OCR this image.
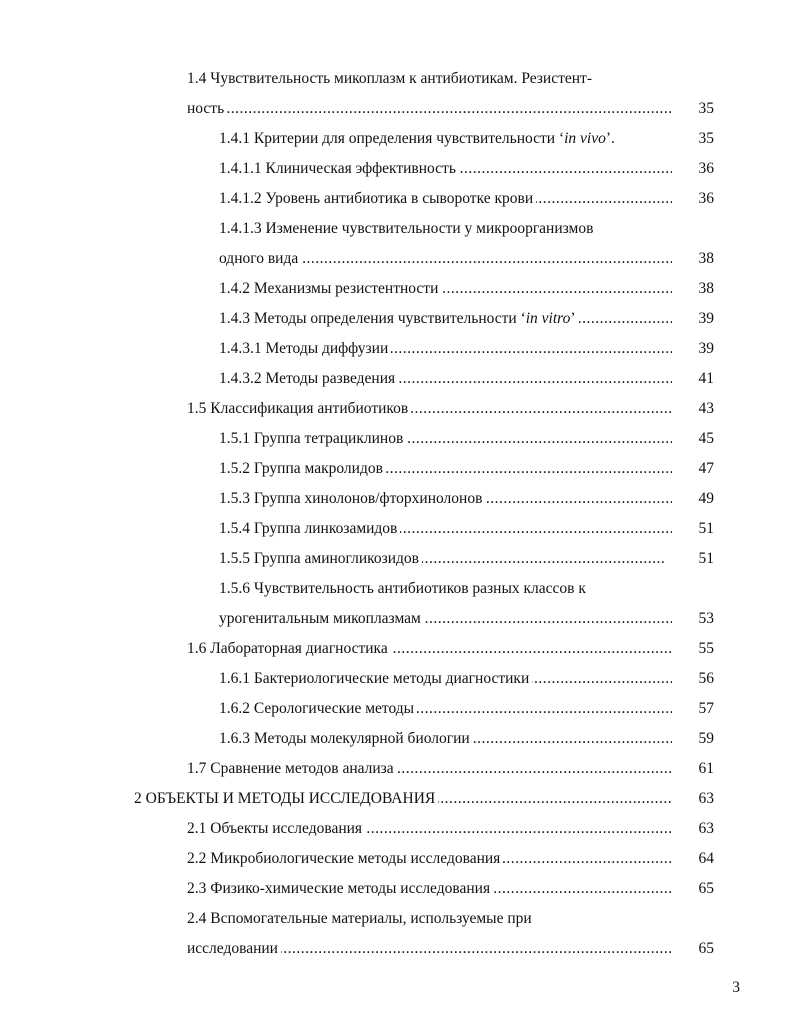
1.4 Чувствительность микоплазм к антибиотикам. Резистент-
ность .....	35
1.4.1 Критерии для определения чувствительности ‘in vivo’.	35
1.4.1.1 Клиническая эффективность .....	36
1.4.1.2 Уровень антибиотика в сыворотке крови .....	36
1.4.1.3 Изменение чувствительности у микроорганизмов
одного вида .....	38
1.4.2 Механизмы резистентности .....	38
1.4.3 Методы определения чувствительности ‘in vitro’ .....	39
1.4.3.1 Методы диффузии .....	39
1.4.3.2 Методы разведения .....	41
1.5 Классификация антибиотиков .....	43
1.5.1 Группа тетрациклинов .....	45
1.5.2 Группа макролидов .....	47
1.5.3 Группа хинолонов/фторхинолонов .....	49
1.5.4 Группа линкозамидов .....	51
1.5.5 Группа аминогликозидов .....	51
1.5.6 Чувствительность антибиотиков разных классов к
урогенитальным микоплазмам .....	53
1.6 Лабораторная диагностика .....	55
1.6.1 Бактериологические методы диагностики .....	56
1.6.2 Серологические методы .....	57
1.6.3 Методы молекулярной биологии .....	59
1.7 Сравнение методов анализа .....	61
2 ОБЪЕКТЫ И МЕТОДЫ ИССЛЕДОВАНИЯ .....	63
2.1 Объекты исследования .....	63
2.2 Микробиологические методы исследования .....	64
2.3 Физико-химические методы исследования .....	65
2.4 Вспомогательные материалы, используемые при
исследовании .....	65
3
